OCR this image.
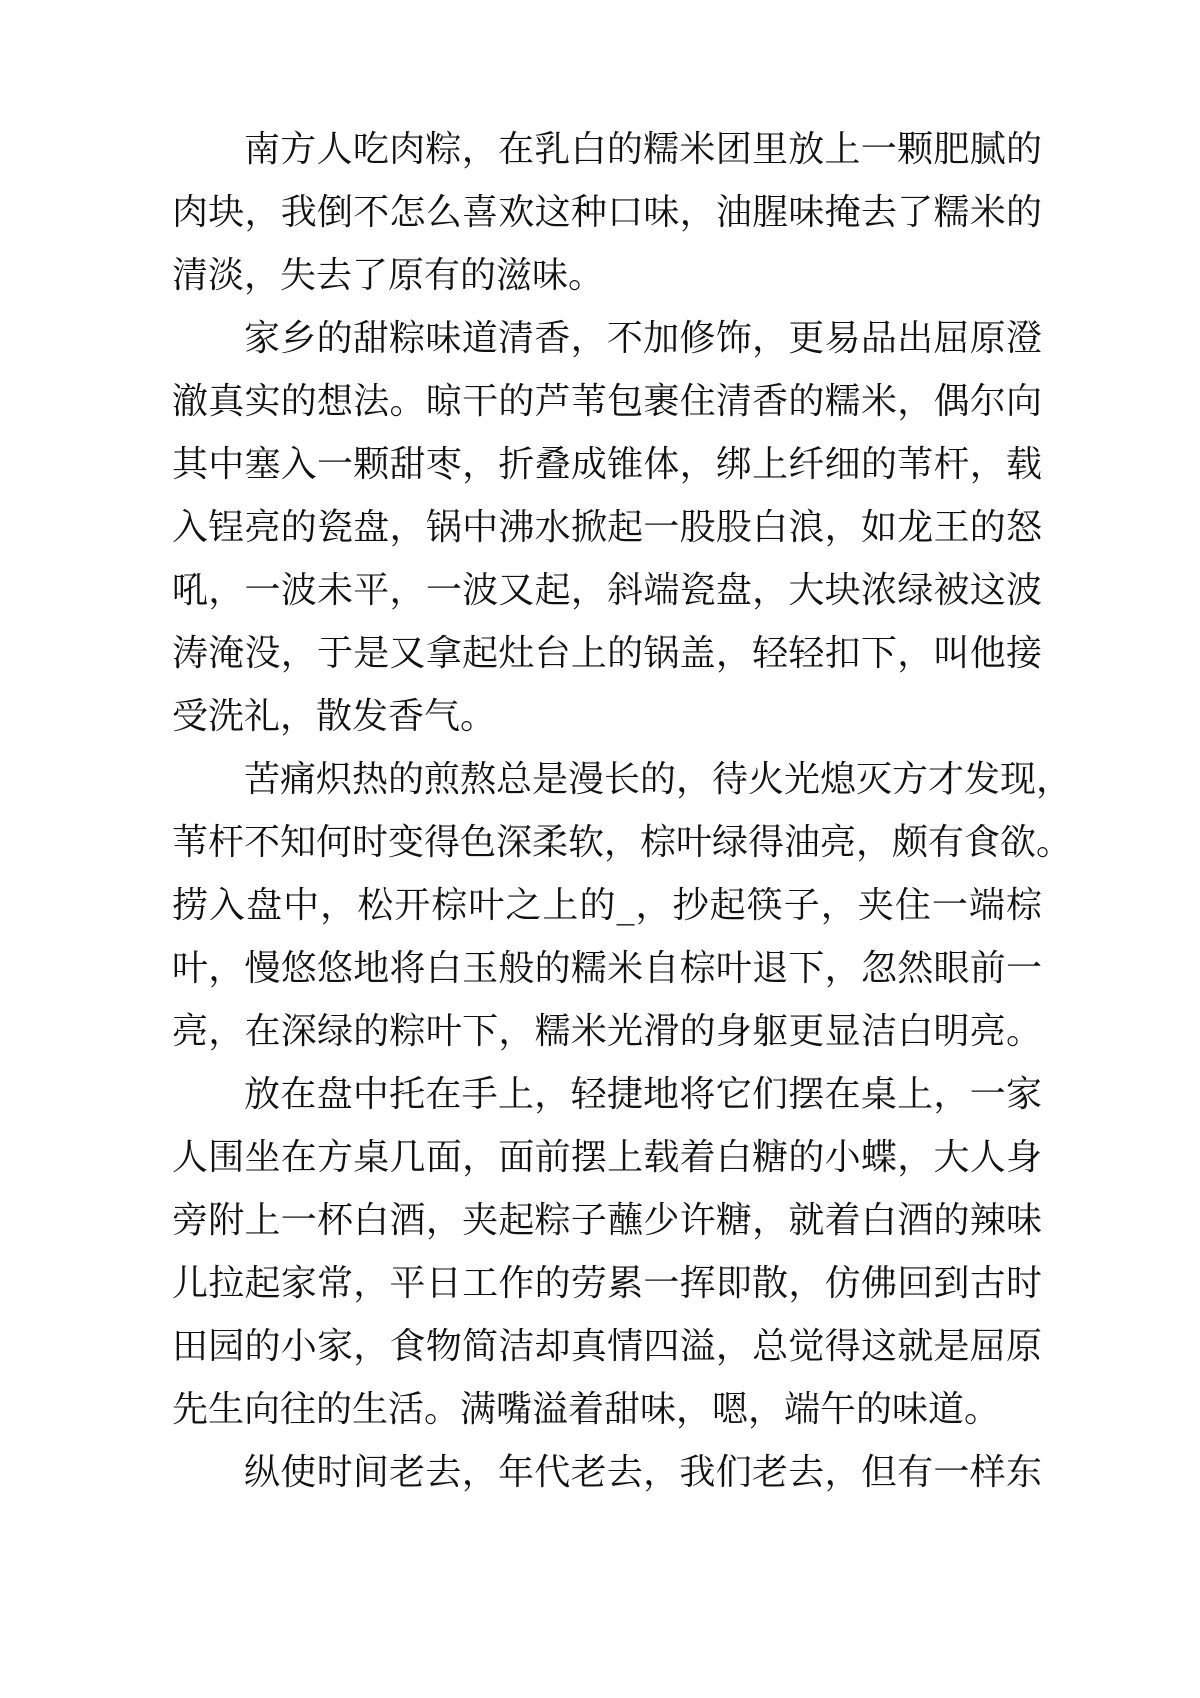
南方人吃肉粽，在乳白的糯米团里放上一颗肥腻的
肉块，我倒不怎么喜欢这种口味，油腥味掩去了糯米的
清淡，失去了原有的滋味。
家乡的甜粽味道清香，不加修饰，更易品出屈原澄
澈真实的想法。晾干的芦苇包裹住清香的糯米，偶尔向
其中塞入一颗甜枣，折叠成锥体，绑上纤细的苇杆，载
入锃亮的瓷盘，锅中沸水掀起一股股白浪，如龙王的怒
吼，一波未平，一波又起，斜端瓷盘，大块浓绿被这波
涛淹没，于是又拿起灶台上的锅盖，轻轻扣下，叫他接
受洗礼，散发香气。
苦痛炽热的煎熬总是漫长的，待火光熄灭方才发现，
苇杆不知何时变得色深柔软，棕叶绿得油亮，颇有食欲。
捞入盘中，松开棕叶之上的_，抄起筷子，夹住一端棕
叶，慢悠悠地将白玉般的糯米自棕叶退下，忽然眼前一
亮，在深绿的粽叶下，糯米光滑的身躯更显洁白明亮。
放在盘中托在手上，轻捷地将它们摆在桌上，一家
人围坐在方桌几面，面前摆上载着白糖的小蝶，大人身
旁附上一杯白酒，夹起粽子蘸少许糖，就着白酒的辣味
儿拉起家常，平日工作的劳累一挥即散，仿佛回到古时
田园的小家，食物简洁却真情四溢，总觉得这就是屈原
先生向往的生活。满嘴溢着甜味，嗯，端午的味道。
纵使时间老去，年代老去，我们老去，但有一样东
